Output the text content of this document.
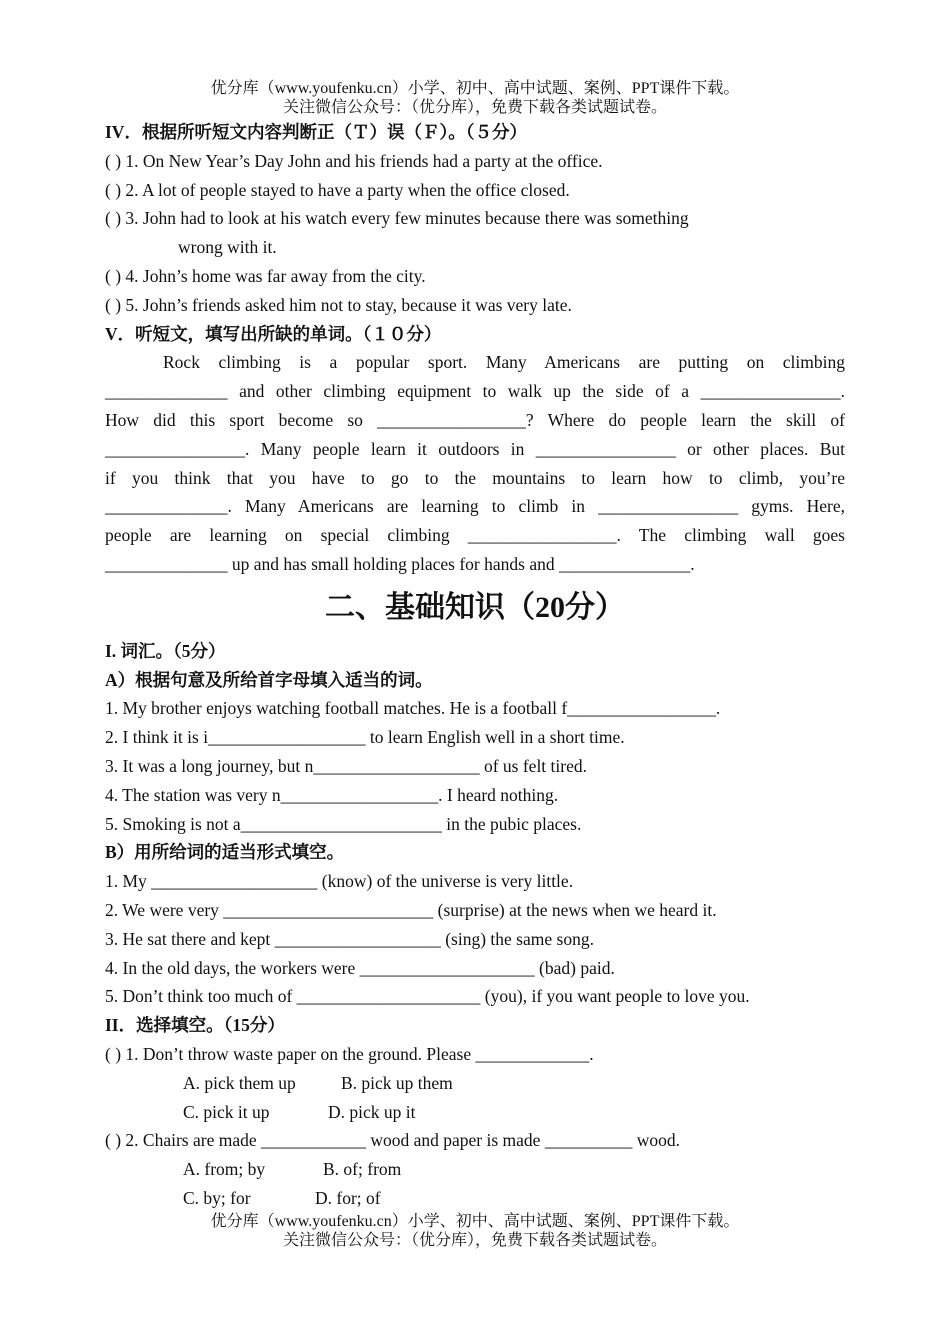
优分库（www.youfenku.cn）小学、初中、高中试题、案例、PPT课件下载。
关注微信公众号：（优分库），免费下载各类试题试卷。
IV．根据所听短文内容判断正（Ｔ）误（Ｆ）。（５分）
( ) 1. On New Year’s Day John and his friends had a party at the office.
( ) 2. A lot of people stayed to have a party when the office closed.
( ) 3. John had to look at his watch every few minutes because there was something
wrong with it.
( ) 4. John’s home was far away from the city.
( ) 5. John’s friends asked him not to stay, because it was very late.
V．听短文，填写出所缺的单词。（１０分）
Rock climbing is a popular sport. Many Americans are putting on climbing
______________ and other climbing equipment to walk up the side of a ________________.
How did this sport become so _________________? Where do people learn the skill of
________________. Many people learn it outdoors in ________________ or other places. But
if you think that you have to go to the mountains to learn how to climb, you’re
______________. Many Americans are learning to climb in ________________ gyms. Here,
people are learning on special climbing _________________. The climbing wall goes
______________ up and has small holding places for hands and _______________.
二、基础知识（20分）
I. 词汇。（5分）
A）根据句意及所给首字母填入适当的词。
1. My brother enjoys watching football matches. He is a football f_________________.
2. I think it is i__________________ to learn English well in a short time.
3. It was a long journey, but n___________________ of us felt tired.
4. The station was very n__________________. I heard nothing.
5. Smoking is not a_______________________ in the pubic places.
B）用所给词的适当形式填空。
1. My ___________________ (know) of the universe is very little.
2. We were very ________________________ (surprise) at the news when we heard it.
3. He sat there and kept ___________________ (sing) the same song.
4. In the old days, the workers were ____________________ (bad) paid.
5. Don’t think too much of _____________________ (you), if you want people to love you.
II．选择填空。（15分）
( ) 1. Don’t throw waste paper on the ground. Please _____________.
A. pick them up	B. pick up them
C. pick it up	D. pick up it
( ) 2. Chairs are made ____________ wood and paper is made __________ wood.
A. from; by	B. of; from
C. by; for	D. for; of
优分库（www.youfenku.cn）小学、初中、高中试题、案例、PPT课件下载。
关注微信公众号：（优分库），免费下载各类试题试卷。
